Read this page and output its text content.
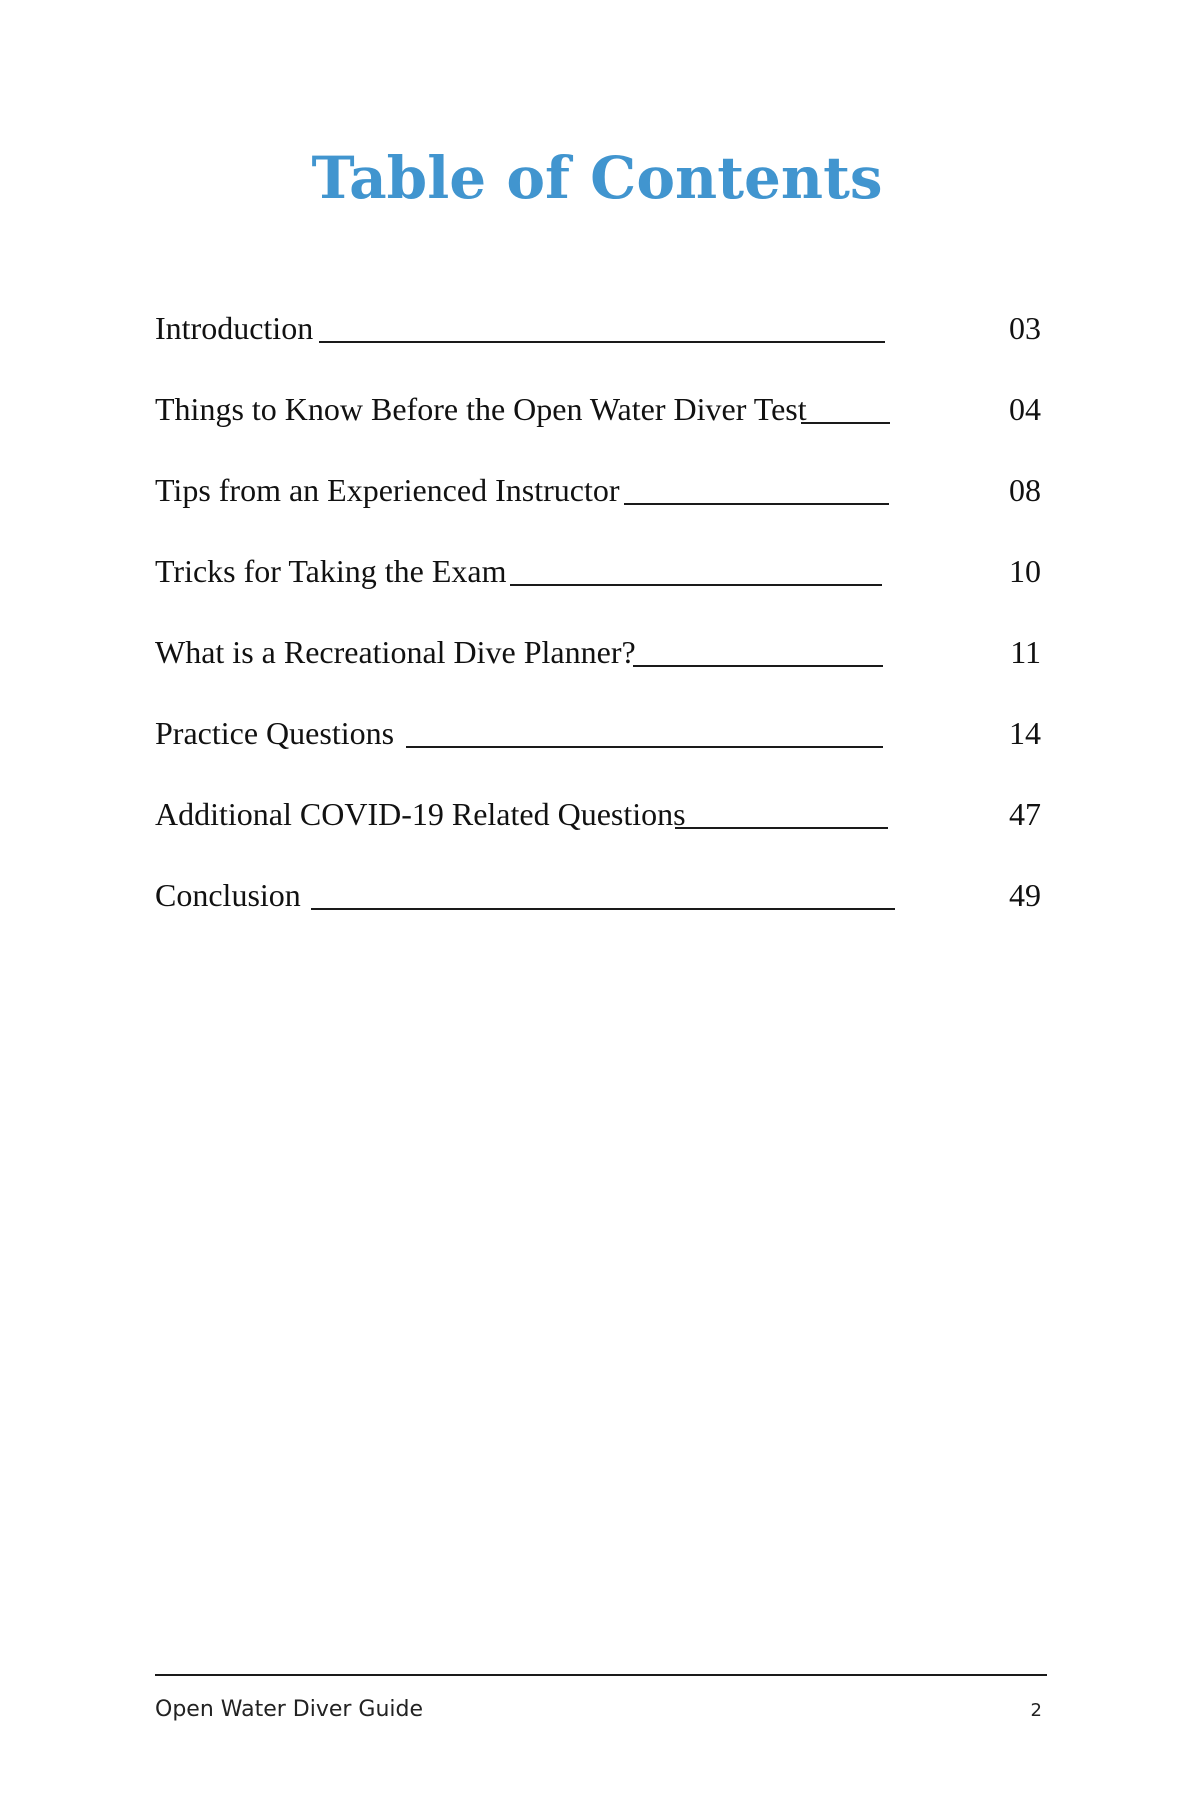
Table of Contents
Introduction	03
Things to Know Before the Open Water Diver Test	04
Tips from an Experienced Instructor	08
Tricks for Taking the Exam	10
What is a Recreational Dive Planner?	11
Practice Questions	14
Additional COVID-19 Related Questions	47
Conclusion	49
Open Water Diver Guide	2
